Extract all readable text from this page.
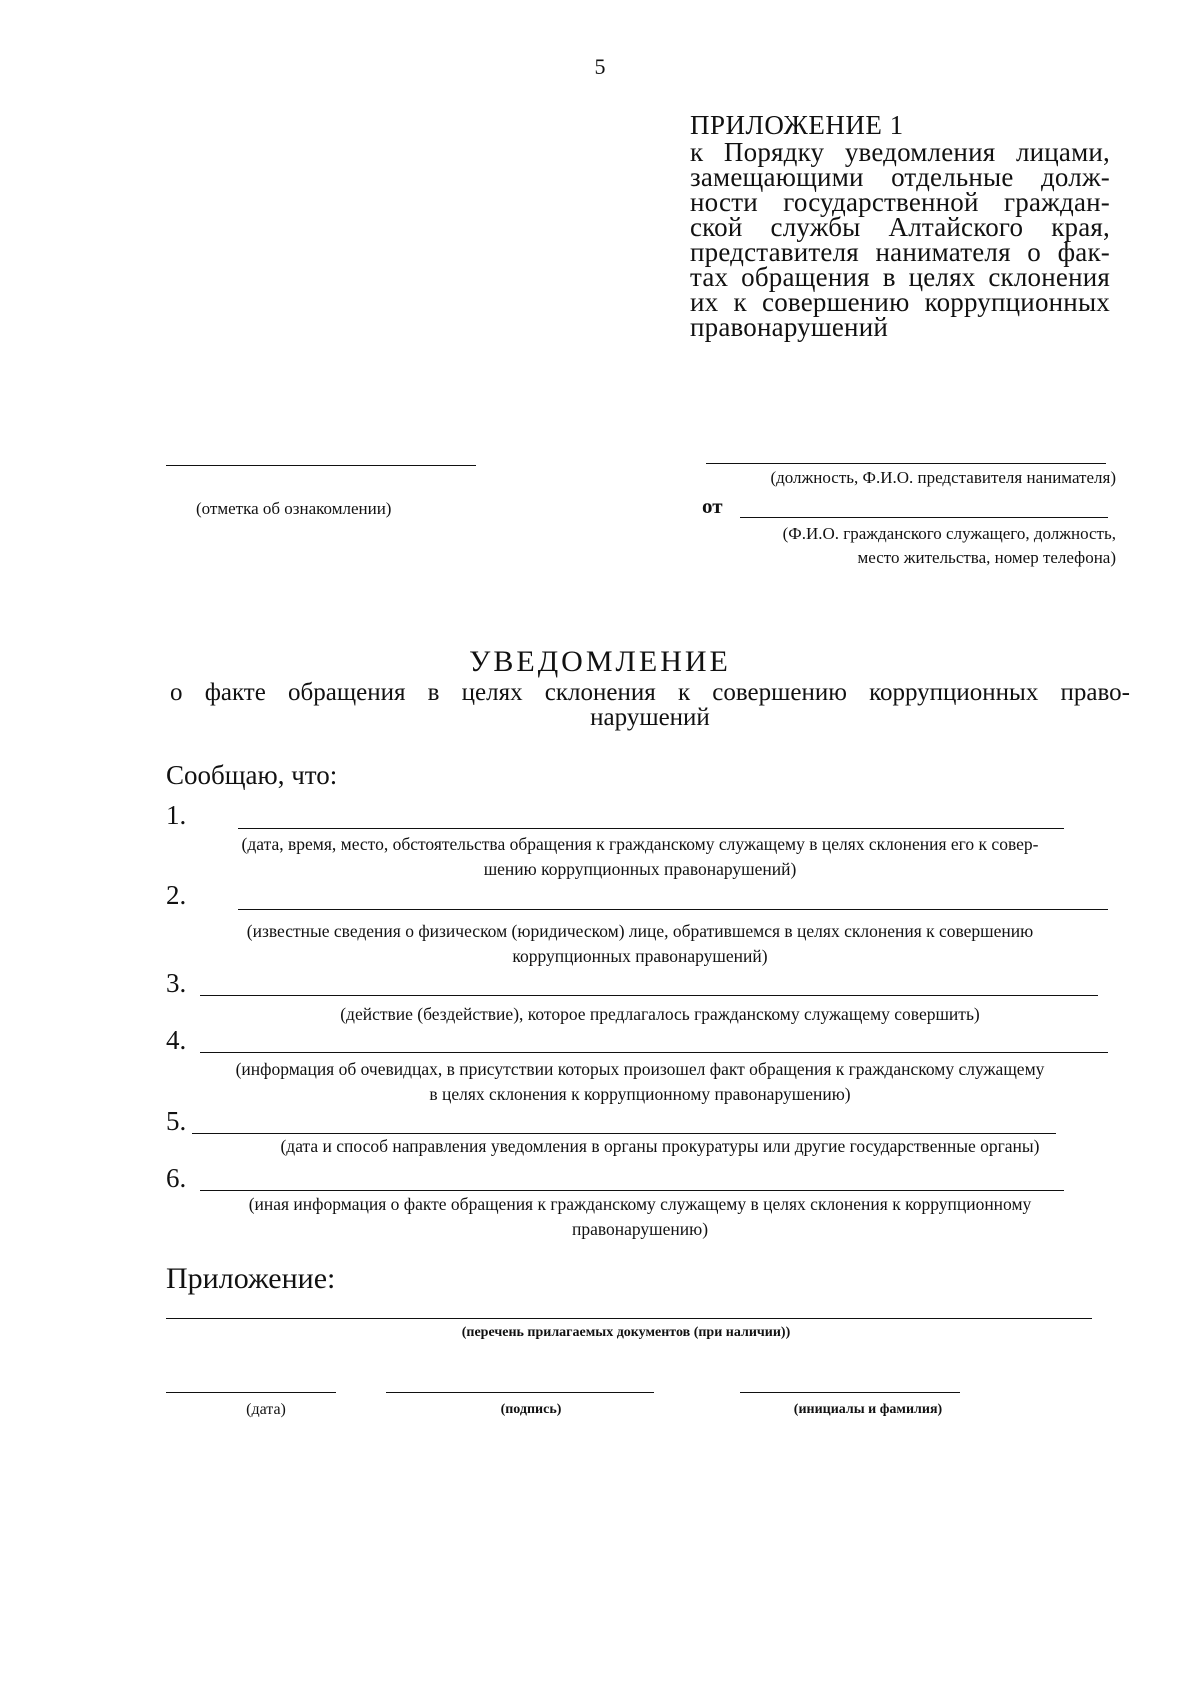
5
ПРИЛОЖЕНИЕ 1
к Порядку уведомления лицами,
замещающими отдельные долж-
ности государственной граждан-
ской службы Алтайского края,
представителя нанимателя о фак-
тах обращения в целях склонения
их к совершению коррупционных
правонарушений
(отметка об ознакомлении)
(должность, Ф.И.О. представителя нанимателя)
от
(Ф.И.О. гражданского служащего, должность,
место жительства, номер телефона)
УВЕДОМЛЕНИЕ
о факте обращения в целях склонения к совершению коррупционных право-
нарушений
Сообщаю, что:
1.
(дата, время, место, обстоятельства обращения к гражданскому служащему в целях склонения его к совер-
шению коррупционных правонарушений)
2.
(известные сведения о физическом (юридическом) лице, обратившемся в целях склонения к совершению
коррупционных правонарушений)
3.
(действие (бездействие), которое предлагалось гражданскому служащему совершить)
4.
(информация об очевидцах, в присутствии которых произошел факт обращения к гражданскому служащему
в целях склонения к коррупционному правонарушению)
5.
(дата и способ направления уведомления в органы прокуратуры или другие государственные органы)
6.
(иная информация о факте обращения к гражданскому служащему в целях склонения к коррупционному
правонарушению)
Приложение:
(перечень прилагаемых документов (при наличии))
(дата)	(подпись)	(инициалы и фамилия)
